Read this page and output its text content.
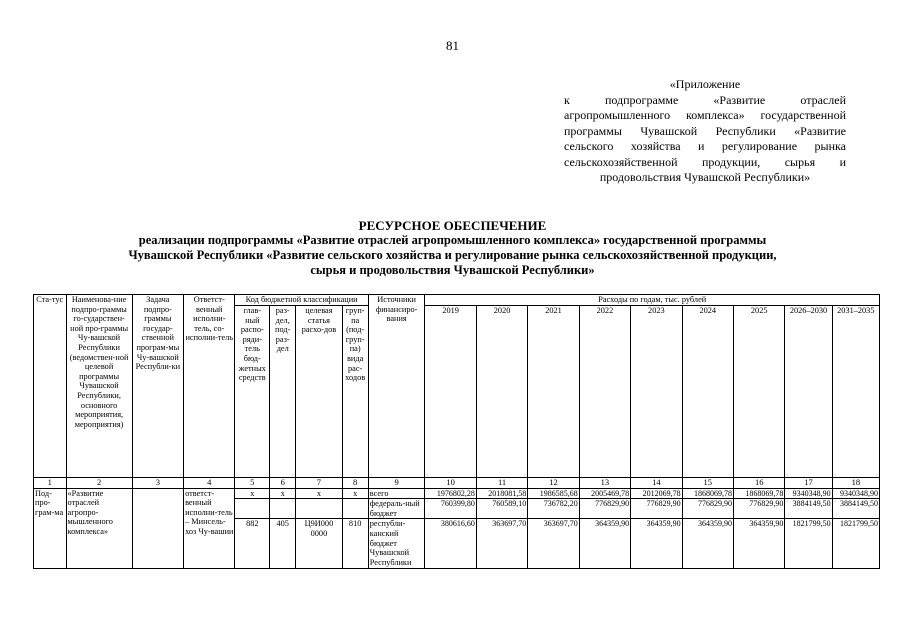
81
«Приложение
к подпрограмме «Развитие отраслей агропромышленного комплекса» государственной программы Чувашской Республики «Развитие сельского хозяйства и регулирование рынка сельскохозяйственной продукции, сырья и продовольствия Чувашской Республики»
РЕСУРСНОЕ ОБЕСПЕЧЕНИЕ
реализации подпрограммы «Развитие отраслей агропромышленного комплекса» государственной программы
Чувашской Республики «Развитие сельского хозяйства и регулирование рынка сельскохозяйственной продукции,
сырья и продовольствия Чувашской Республики»
Ста-тус	Наименова-ние подпро-граммы го-сударствен-ной про-граммы Чу-вашской Республики (ведомствен-ной целевой программы Чувашской Республики, основного мероприятия, мероприятия)	Задача подпро-граммы государ-ственной програм-мы Чу-вашской Республи-ки	Ответст-венный исполни-тель, со-исполни-тель	Код бюджетной классификации				Источники финансиро-вания	Расходы по годам, тыс. рублей								
				глав-ный распо-ряди-тель бюд-жетных средств	раз-дел, под-раз-дел	целевая статья расхо-дов	груп-па (под-груп-па) вида рас-ходов		2019	2020	2021	2022	2023	2024	2025	2026–2030	2031–2035
1	2	3	4	5	6	7	8	9	10	11	12	13	14	15	16	17	18
Под-про-грам-ма	«Развитие отраслей агропро-мышленного комплекса»		ответст-венный исполни-тель – Минсель-хоз Чу-вашии	x	x	x	x	всего	1976802,28	2018081,58	1986585,68	2005469,78	2012069,78	1868069,78	1868069,78	9340348,90	9340348,90
								федераль-ный бюджет	760399,80	760589,10	736782,20	776829,90	776829,90	776829,90	776829,90	3884149,50	3884149,50
				882	405	Ц9И000 0000	810	республи-канский бюджет Чувашской Республики	380616,60	363697,70	363697,70	364359,90	364359,90	364359,90	364359,90	1821799,50	1821799,50
